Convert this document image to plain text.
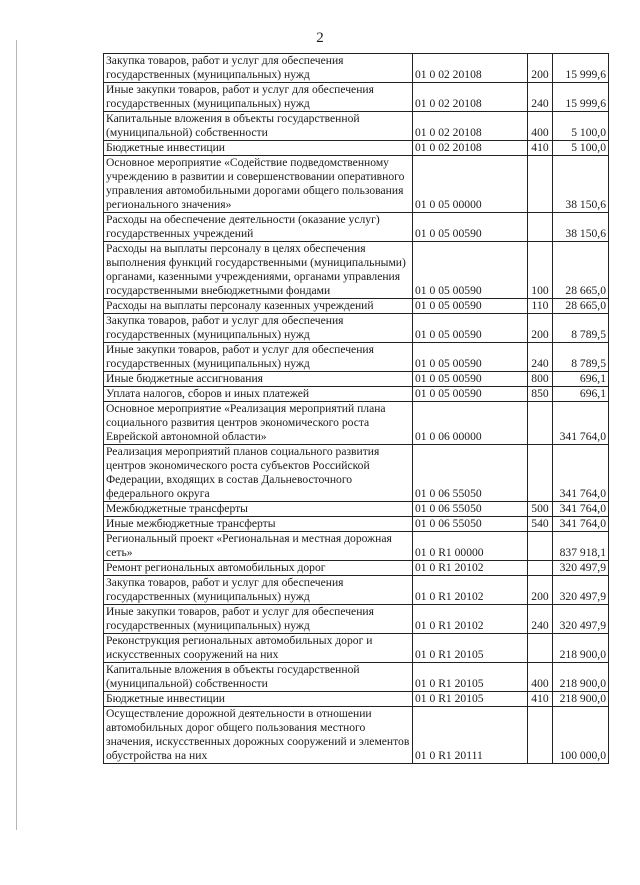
2
Закупка товаров, работ и услуг для обеспечения государственных (муниципальных) нужд	01 0 02 20108	200	15 999,6
Иные закупки товаров, работ и услуг для обеспечения государственных (муниципальных) нужд	01 0 02 20108	240	15 999,6
Капитальные вложения в объекты государственной (муниципальной) собственности	01 0 02 20108	400	5 100,0
Бюджетные инвестиции	01 0 02 20108	410	5 100,0
Основное мероприятие «Содействие подведомственному учреждению в развитии и совершенствовании оперативного управления автомобильными дорогами общего пользования регионального значения»	01 0 05 00000		38 150,6
Расходы на обеспечение деятельности (оказание услуг) государственных учреждений	01 0 05 00590		38 150,6
Расходы на выплаты персоналу в целях обеспечения выполнения функций государственными (муниципальными) органами, казенными учреждениями, органами управления государственными внебюджетными фондами	01 0 05 00590	100	28 665,0
Расходы на выплаты персоналу казенных учреждений	01 0 05 00590	110	28 665,0
Закупка товаров, работ и услуг для обеспечения государственных (муниципальных) нужд	01 0 05 00590	200	8 789,5
Иные закупки товаров, работ и услуг для обеспечения государственных (муниципальных) нужд	01 0 05 00590	240	8 789,5
Иные бюджетные ассигнования	01 0 05 00590	800	696,1
Уплата налогов, сборов и иных платежей	01 0 05 00590	850	696,1
Основное мероприятие «Реализация мероприятий плана социального развития центров экономического роста Еврейской автономной области»	01 0 06 00000		341 764,0
Реализация мероприятий планов социального развития центров экономического роста субъектов Российской Федерации, входящих в состав Дальневосточного федерального округа	01 0 06 55050		341 764,0
Межбюджетные трансферты	01 0 06 55050	500	341 764,0
Иные межбюджетные трансферты	01 0 06 55050	540	341 764,0
Региональный проект «Региональная и местная дорожная сеть»	01 0 R1 00000		837 918,1
Ремонт региональных автомобильных дорог	01 0 R1 20102		320 497,9
Закупка товаров, работ и услуг для обеспечения государственных (муниципальных) нужд	01 0 R1 20102	200	320 497,9
Иные закупки товаров, работ и услуг для обеспечения государственных (муниципальных) нужд	01 0 R1 20102	240	320 497,9
Реконструкция региональных автомобильных дорог и искусственных сооружений на них	01 0 R1 20105		218 900,0
Капитальные вложения в объекты государственной (муниципальной) собственности	01 0 R1 20105	400	218 900,0
Бюджетные инвестиции	01 0 R1 20105	410	218 900,0
Осуществление дорожной деятельности в отношении автомобильных дорог общего пользования местного значения, искусственных дорожных сооружений и элементов обустройства на них	01 0 R1 20111		100 000,0
